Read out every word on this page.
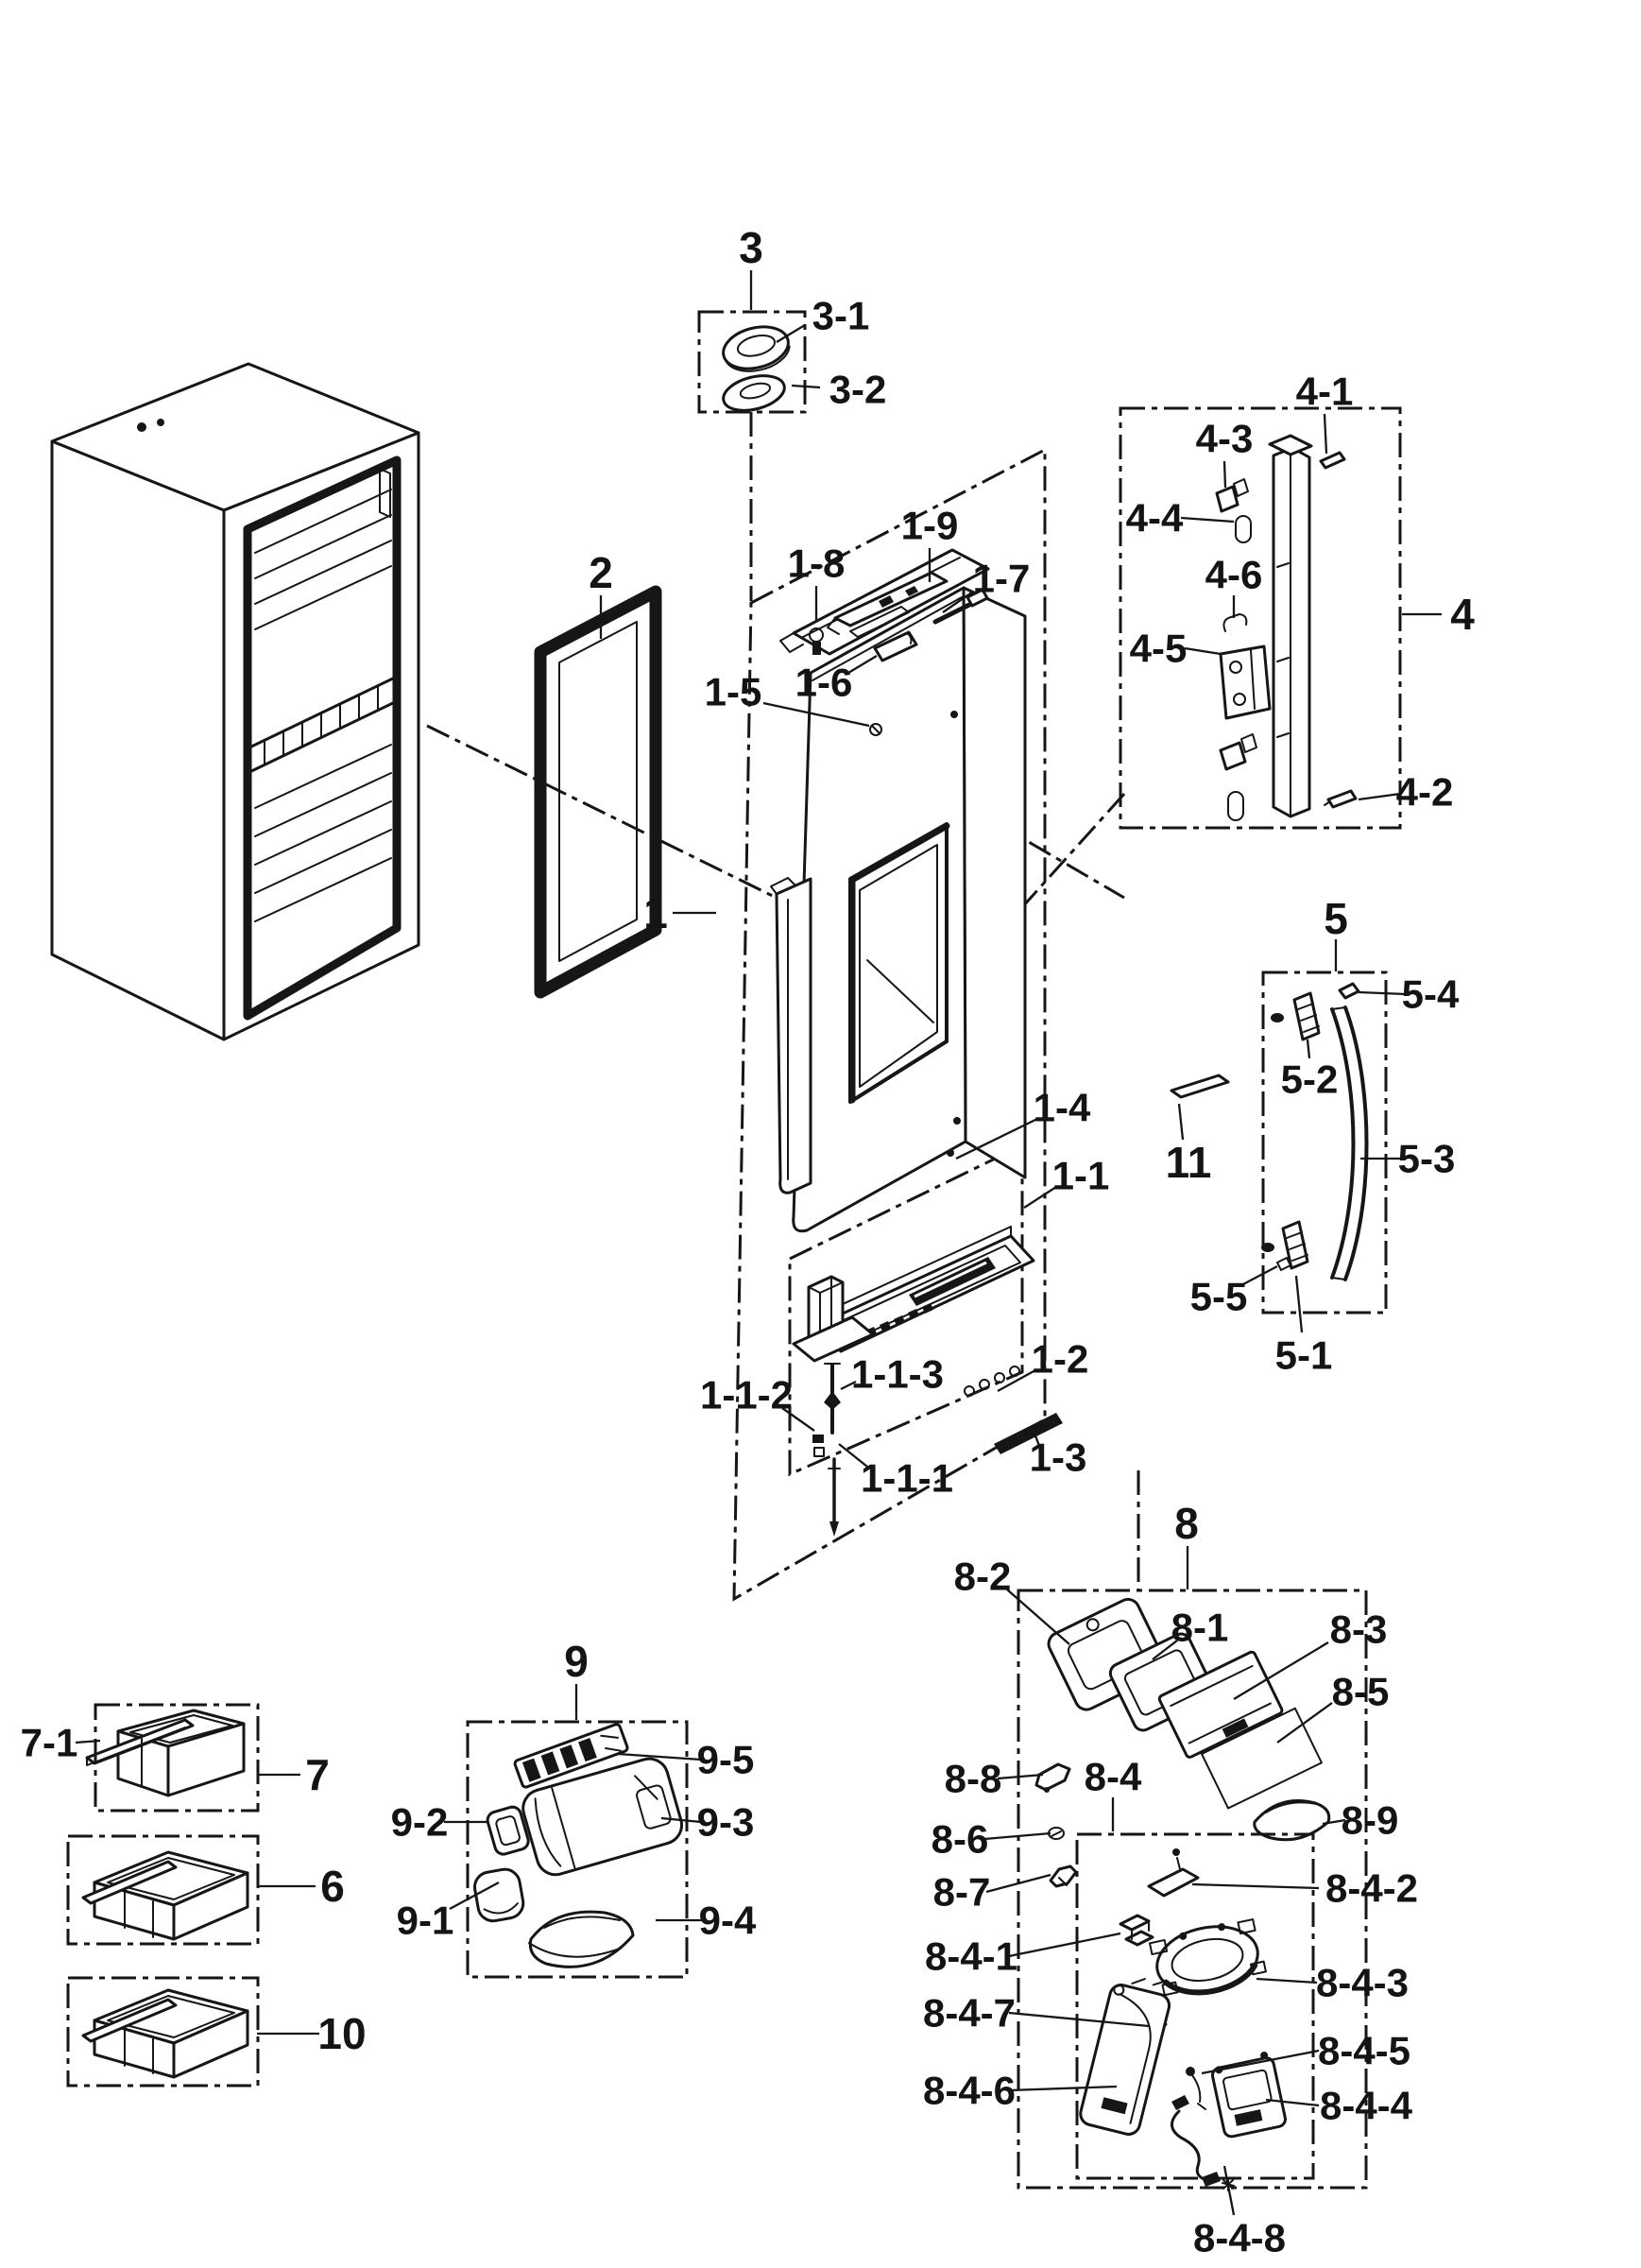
3
3-1
3-2
2	1-8
1-9
1-7
1-6
1-5
1
4-1
4-3
4-4
4-6
4
4-5
4-2
5
5-4
5-2
5-3
11
5-5
5-1
1-4
1-1
1-2
1-3
1-1-3
1-1-2
1-1-1
8
8-2
8-1	8-3
8-5
8-8 8-4
8-9
8-6
8-7	8-4-2
8-4-1
8-4-3
8-4-7
8-4-5
8-4-6	8-4-4
8-4-8
7-1
7
9
9-5
9-2	9-3
6
9-1	9-4
10
